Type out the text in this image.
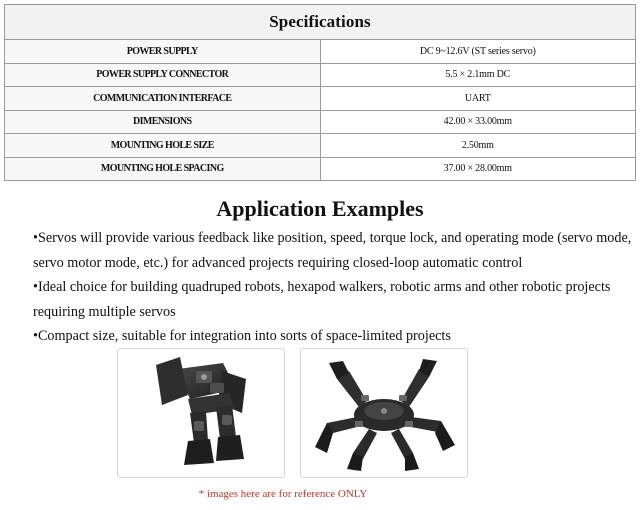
Specifications	
POWER SUPPLY	DC 9~12.6V (ST series servo)
POWER SUPPLY CONNECTOR	5.5 × 2.1mm DC
COMMUNICATION INTERFACE	UART
DIMENSIONS	42.00 × 33.00mm
MOUNTING HOLE SIZE	2.50mm
MOUNTING HOLE SPACING	37.00 × 28.00mm
Application Examples

•Servos will provide various feedback like position, speed, torque lock, and operating mode (servo mode, servo motor mode, etc.) for advanced projects requiring closed-loop automatic control

•Ideal choice for building quadruped robots, hexapod walkers, robotic arms and other robotic projects requiring multiple servos

•Compact size, suitable for integration into sorts of space-limited projects

* images here are for reference ONLY
